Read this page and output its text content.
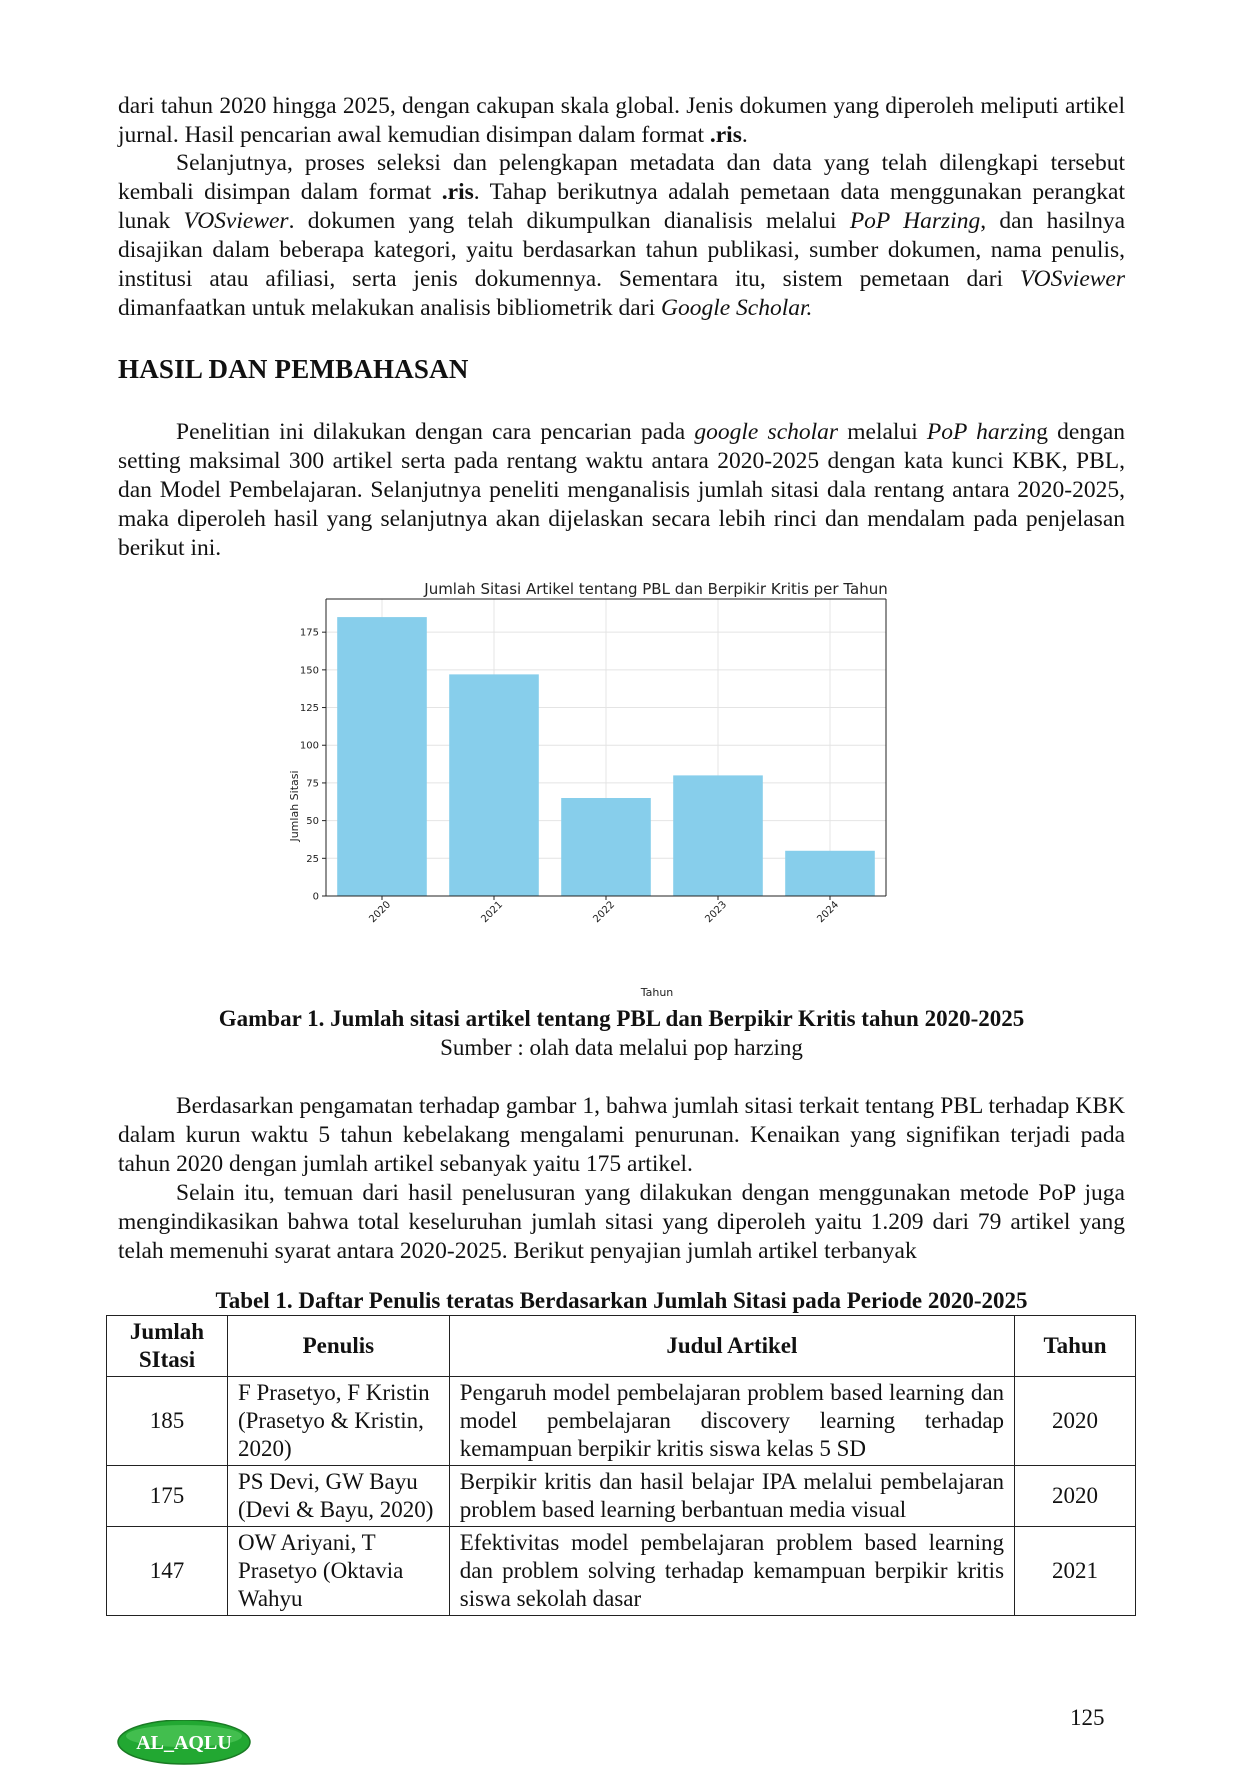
dari tahun 2020 hingga 2025, dengan cakupan skala global. Jenis dokumen yang diperoleh meliputi artikel jurnal. Hasil pencarian awal kemudian disimpan dalam format .ris.

Selanjutnya, proses seleksi dan pelengkapan metadata dan data yang telah dilengkapi tersebut kembali disimpan dalam format .ris. Tahap berikutnya adalah pemetaan data menggunakan perangkat lunak VOSviewer. dokumen yang telah dikumpulkan dianalisis melalui PoP Harzing, dan hasilnya disajikan dalam beberapa kategori, yaitu berdasarkan tahun publikasi, sumber dokumen, nama penulis, institusi atau afiliasi, serta jenis dokumennya. Sementara itu, sistem pemetaan dari VOSviewer dimanfaatkan untuk melakukan analisis bibliometrik dari Google Scholar.

HASIL DAN PEMBAHASAN

Penelitian ini dilakukan dengan cara pencarian pada google scholar melalui PoP harzing dengan setting maksimal 300 artikel serta pada rentang waktu antara 2020-2025 dengan kata kunci KBK, PBL, dan Model Pembelajaran. Selanjutnya peneliti menganalisis jumlah sitasi dala rentang antara 2020-2025, maka diperoleh hasil yang selanjutnya akan dijelaskan secara lebih rinci dan mendalam pada penjelasan berikut ini.

Jumlah Sitasi Artikel tentang PBL dan Berpikir Kritis per Tahun
0
25
50
75
100
125
150
175
2020	2021	2022	2023	2024
Tahun
Jumlah Sitasi

Gambar 1. Jumlah sitasi artikel tentang PBL dan Berpikir Kritis tahun 2020-2025

Sumber : olah data melalui pop harzing

Berdasarkan pengamatan terhadap gambar 1, bahwa jumlah sitasi terkait tentang PBL terhadap KBK dalam kurun waktu 5 tahun kebelakang mengalami penurunan. Kenaikan yang signifikan terjadi pada tahun 2020 dengan jumlah artikel sebanyak yaitu 175 artikel.

Selain itu, temuan dari hasil penelusuran yang dilakukan dengan menggunakan metode PoP juga mengindikasikan bahwa total keseluruhan jumlah sitasi yang diperoleh yaitu 1.209 dari 79 artikel yang telah memenuhi syarat antara 2020-2025. Berikut penyajian jumlah artikel terbanyak

Tabel 1. Daftar Penulis teratas Berdasarkan Jumlah Sitasi pada Periode 2020-2025

Jumlah SItasi	Penulis	Judul Artikel	Tahun
185	F Prasetyo, F Kristin (Prasetyo & Kristin, 2020)	Pengaruh model pembelajaran problem based learning dan model pembelajaran discovery learning terhadap kemampuan berpikir kritis siswa kelas 5 SD	2020
175	PS Devi, GW Bayu (Devi & Bayu, 2020)	Berpikir kritis dan hasil belajar IPA melalui pembelajaran problem based learning berbantuan media visual	2020
147	OW Ariyani, T Prasetyo (Oktavia Wahyu	Efektivitas model pembelajaran problem based learning dan problem solving terhadap kemampuan berpikir kritis siswa sekolah dasar	2021
AL_AQLU

125
